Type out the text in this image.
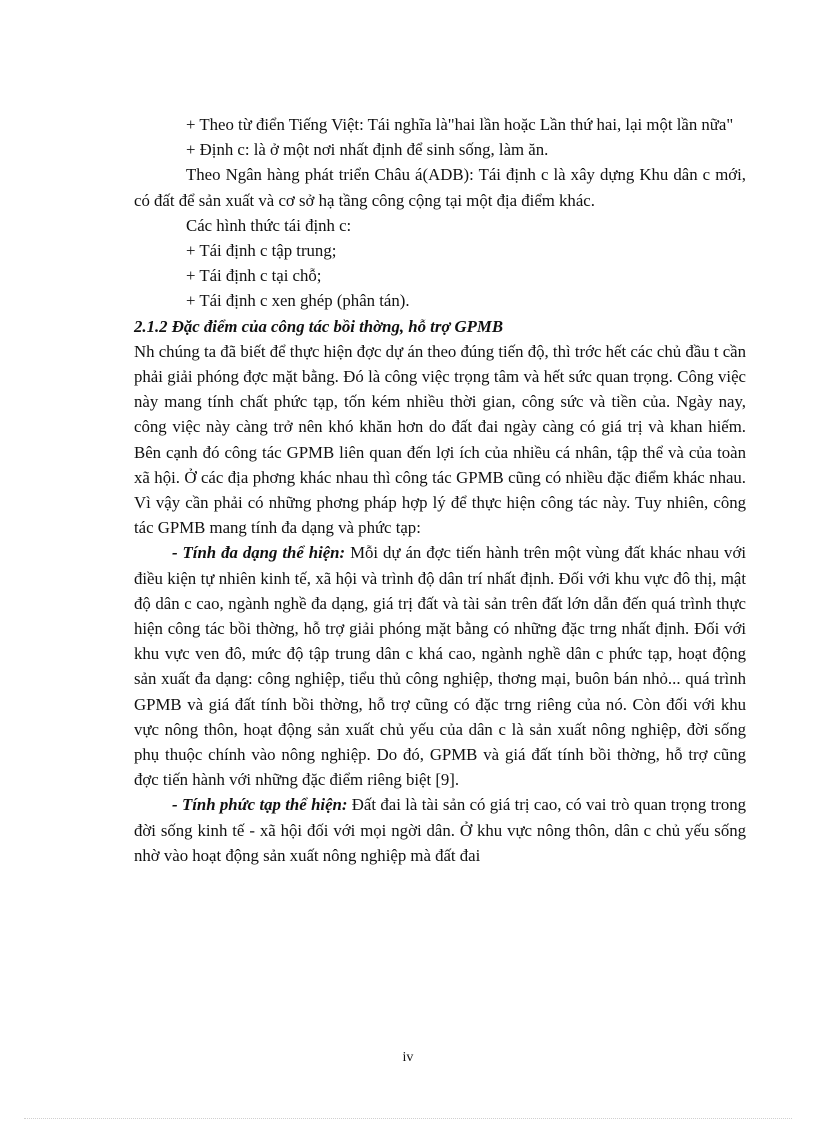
+ Theo từ điển Tiếng Việt: Tái nghĩa là"hai lần hoặc Lần thứ hai, lại một lần nữa"

+ Định c: là ở một nơi nhất định để sinh sống, làm ăn.

Theo Ngân hàng phát triển Châu á(ADB): Tái định c là xây dựng Khu dân c mới, có đất để sản xuất và cơ sở hạ tầng công cộng tại một địa điểm khác.

Các hình thức tái định c:

+ Tái định c tập trung;

+ Tái định c tại chỗ;

+ Tái định c xen ghép (phân tán).

2.1.2 Đặc điểm của công tác bồi thờng, hỗ trợ GPMB

Nh chúng ta đã biết để thực hiện đợc dự án theo đúng tiến độ, thì trớc hết các chủ đầu t cần phải giải phóng đợc mặt bằng. Đó là công việc trọng tâm và hết sức quan trọng. Công việc này mang tính chất phức tạp, tốn kém nhiều thời gian, công sức và tiền của. Ngày nay, công việc này càng trở nên khó khăn hơn do đất đai ngày càng có giá trị và khan hiếm. Bên cạnh đó công tác GPMB liên quan đến lợi ích của nhiều cá nhân, tập thể và của toàn xã hội. Ở các địa phơng khác nhau thì công tác GPMB cũng có nhiều đặc điểm khác nhau. Vì vậy cần phải có những phơng pháp hợp lý để thực hiện công tác này. Tuy nhiên, công tác GPMB mang tính đa dạng và phức tạp:

- Tính đa dạng thể hiện: Mỗi dự án đợc tiến hành trên một vùng đất khác nhau với điều kiện tự nhiên kinh tế, xã hội và trình độ dân trí nhất định. Đối với khu vực đô thị, mật độ dân c cao, ngành nghề đa dạng, giá trị đất và tài sản trên đất lớn dẫn đến quá trình thực hiện công tác bồi thờng, hỗ trợ giải phóng mặt bằng có những đặc trng nhất định. Đối với khu vực ven đô, mức độ tập trung dân c khá cao, ngành nghề dân c phức tạp, hoạt động sản xuất đa dạng: công nghiệp, tiểu thủ công nghiệp, thơng mại, buôn bán nhỏ... quá trình GPMB và giá đất tính bồi thờng, hỗ trợ cũng có đặc trng riêng của nó. Còn đối với khu vực nông thôn, hoạt động sản xuất chủ yếu của dân c là sản xuất nông nghiệp, đời sống phụ thuộc chính vào nông nghiệp. Do đó, GPMB và giá đất tính bồi thờng, hỗ trợ cũng đợc tiến hành với những đặc điểm riêng biệt [9].

- Tính phức tạp thể hiện: Đất đai là tài sản có giá trị cao, có vai trò quan trọng trong đời sống kinh tế - xã hội đối với mọi ngời dân. Ở khu vực nông thôn, dân c chủ yếu sống nhờ vào hoạt động sản xuất nông nghiệp mà đất đai

iv
